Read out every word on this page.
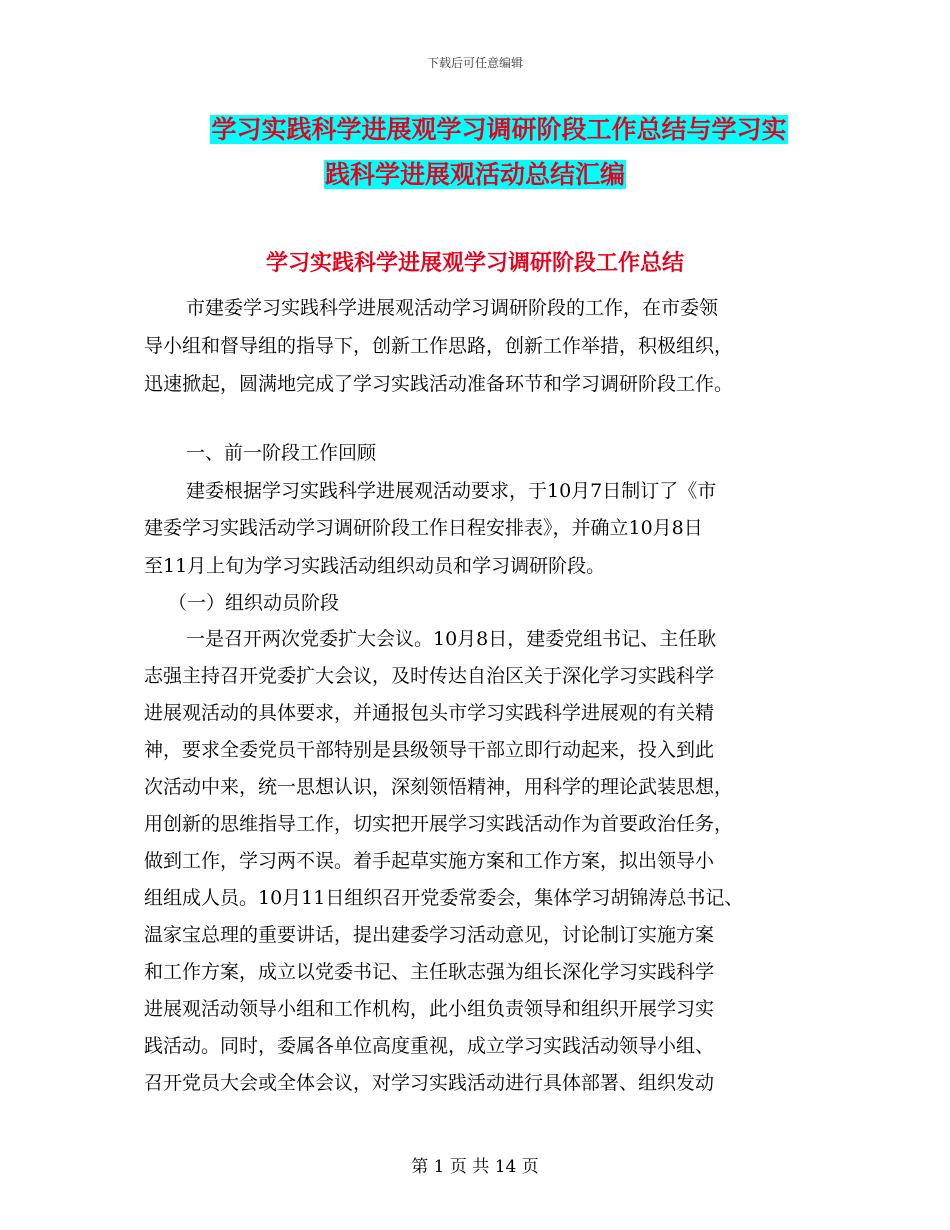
下载后可任意编辑
学习实践科学进展观学习调研阶段工作总结与学习实
践科学进展观活动总结汇编
学习实践科学进展观学习调研阶段工作总结
市建委学习实践科学进展观活动学习调研阶段的工作，在市委领
导小组和督导组的指导下，创新工作思路，创新工作举措，积极组织，
迅速掀起，圆满地完成了学习实践活动准备环节和学习调研阶段工作。
一、前一阶段工作回顾
建委根据学习实践科学进展观活动要求，于10月7日制订了《市
建委学习实践活动学习调研阶段工作日程安排表》，并确立10月8日
至11月上旬为学习实践活动组织动员和学习调研阶段。
（一）组织动员阶段
一是召开两次党委扩大会议。10月8日，建委党组书记、主任耿
志强主持召开党委扩大会议，及时传达自治区关于深化学习实践科学
进展观活动的具体要求，并通报包头市学习实践科学进展观的有关精
神，要求全委党员干部特别是县级领导干部立即行动起来，投入到此
次活动中来，统一思想认识，深刻领悟精神，用科学的理论武装思想，
用创新的思维指导工作，切实把开展学习实践活动作为首要政治任务，
做到工作，学习两不误。着手起草实施方案和工作方案，拟出领导小
组组成人员。10月11日组织召开党委常委会，集体学习胡锦涛总书记、
温家宝总理的重要讲话，提出建委学习活动意见，讨论制订实施方案
和工作方案，成立以党委书记、主任耿志强为组长深化学习实践科学
进展观活动领导小组和工作机构，此小组负责领导和组织开展学习实
践活动。同时，委属各单位高度重视，成立学习实践活动领导小组、
召开党员大会或全体会议，对学习实践活动进行具体部署、组织发动
第 1 页 共 14 页
